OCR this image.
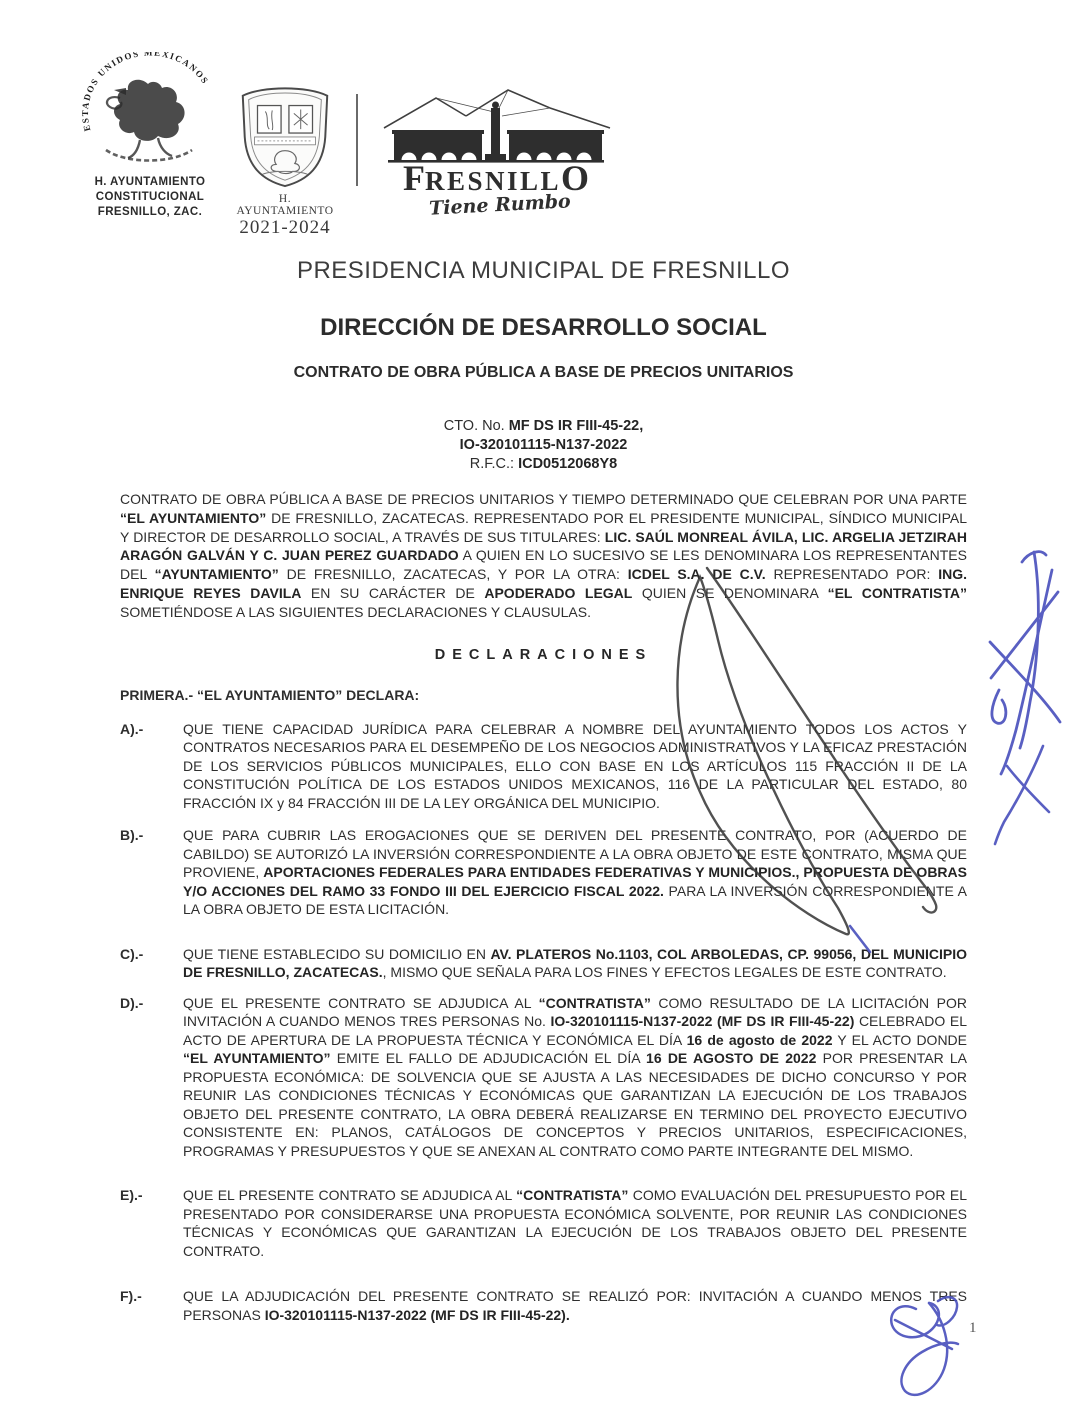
ESTADOS UNIDOS MEXICANOS
H. AYUNTAMIENTO
CONSTITUCIONAL
FRESNILLO, ZAC.
H. AYUNTAMIENTO
2021-2024
FRESNILLO
Tiene Rumbo
PRESIDENCIA MUNICIPAL DE FRESNILLO
DIRECCIÓN DE DESARROLLO SOCIAL
CONTRATO DE OBRA PÚBLICA A BASE DE PRECIOS UNITARIOS
CTO. No. MF DS IR FIII-45-22,
IO-320101115-N137-2022
R.F.C.: ICD0512068Y8

CONTRATO DE OBRA PÚBLICA A BASE DE PRECIOS UNITARIOS Y TIEMPO DETERMINADO QUE CELEBRAN POR UNA PARTE “EL AYUNTAMIENTO” DE FRESNILLO, ZACATECAS. REPRESENTADO POR EL PRESIDENTE MUNICIPAL, SÍNDICO MUNICIPAL Y DIRECTOR DE DESARROLLO SOCIAL, A TRAVÉS DE SUS TITULARES: LIC. SAÚL MONREAL ÁVILA, LIC. ARGELIA JETZIRAH ARAGÓN GALVÁN Y C. JUAN PEREZ GUARDADO A QUIEN EN LO SUCESIVO SE LES DENOMINARA LOS REPRESENTANTES DEL “AYUNTAMIENTO” DE FRESNILLO, ZACATECAS, Y POR LA OTRA: ICDEL S.A. DE C.V. REPRESENTADO POR: ING. ENRIQUE REYES DAVILA EN SU CARÁCTER DE APODERADO LEGAL QUIEN SE DENOMINARA “EL CONTRATISTA” SOMETIÉNDOSE A LAS SIGUIENTES DECLARACIONES Y CLAUSULAS.

DECLARACIONES
PRIMERA.- “EL AYUNTAMIENTO” DECLARA:
A).-	QUE TIENE CAPACIDAD JURÍDICA PARA CELEBRAR A NOMBRE DEL AYUNTAMIENTO TODOS LOS ACTOS Y CONTRATOS NECESARIOS PARA EL DESEMPEÑO DE LOS NEGOCIOS ADMINISTRATIVOS Y LA EFICAZ PRESTACIÓN DE LOS SERVICIOS PÚBLICOS MUNICIPALES, ELLO CON BASE EN LOS ARTÍCULOS 115 FRACCIÓN II DE LA CONSTITUCIÓN POLÍTICA DE LOS ESTADOS UNIDOS MEXICANOS, 116 DE LA PARTICULAR DEL ESTADO, 80 FRACCIÓN IX y 84 FRACCIÓN III DE LA LEY ORGÁNICA DEL MUNICIPIO.
B).-	QUE PARA CUBRIR LAS EROGACIONES QUE SE DERIVEN DEL PRESENTE CONTRATO, POR (ACUERDO DE CABILDO) SE AUTORIZÓ LA INVERSIÓN CORRESPONDIENTE A LA OBRA OBJETO DE ESTE CONTRATO, MISMA QUE PROVIENE, APORTACIONES FEDERALES PARA ENTIDADES FEDERATIVAS Y MUNICIPIOS., PROPUESTA DE OBRAS Y/O ACCIONES DEL RAMO 33 FONDO III DEL EJERCICIO FISCAL 2022. PARA LA INVERSIÓN CORRESPONDIENTE A LA OBRA OBJETO DE ESTA LICITACIÓN.
C).-	QUE TIENE ESTABLECIDO SU DOMICILIO EN AV. PLATEROS No.1103, COL ARBOLEDAS, CP. 99056, DEL MUNICIPIO DE FRESNILLO, ZACATECAS., MISMO QUE SEÑALA PARA LOS FINES Y EFECTOS LEGALES DE ESTE CONTRATO.
D).-	QUE EL PRESENTE CONTRATO SE ADJUDICA AL “CONTRATISTA” COMO RESULTADO DE LA LICITACIÓN POR INVITACIÓN A CUANDO MENOS TRES PERSONAS No. IO-320101115-N137-2022 (MF DS IR FIII-45-22) CELEBRADO EL ACTO DE APERTURA DE LA PROPUESTA TÉCNICA Y ECONÓMICA EL DÍA 16 de agosto de 2022 Y EL ACTO DONDE “EL AYUNTAMIENTO” EMITE EL FALLO DE ADJUDICACIÓN EL DÍA 16 DE AGOSTO DE 2022 POR PRESENTAR LA PROPUESTA ECONÓMICA: DE SOLVENCIA QUE SE AJUSTA A LAS NECESIDADES DE DICHO CONCURSO Y POR REUNIR LAS CONDICIONES TÉCNICAS Y ECONÓMICAS QUE GARANTIZAN LA EJECUCIÓN DE LOS TRABAJOS OBJETO DEL PRESENTE CONTRATO, LA OBRA DEBERÁ REALIZARSE EN TERMINO DEL PROYECTO EJECUTIVO CONSISTENTE EN: PLANOS, CATÁLOGOS DE CONCEPTOS Y PRECIOS UNITARIOS, ESPECIFICACIONES, PROGRAMAS Y PRESUPUESTOS Y QUE SE ANEXAN AL CONTRATO COMO PARTE INTEGRANTE DEL MISMO.
E).-	QUE EL PRESENTE CONTRATO SE ADJUDICA AL “CONTRATISTA” COMO EVALUACIÓN DEL PRESUPUESTO POR EL PRESENTADO POR CONSIDERARSE UNA PROPUESTA ECONÓMICA SOLVENTE, POR REUNIR LAS CONDICIONES TÉCNICAS Y ECONÓMICAS QUE GARANTIZAN LA EJECUCIÓN DE LOS TRABAJOS OBJETO DEL PRESENTE CONTRATO.
F).-	QUE LA ADJUDICACIÓN DEL PRESENTE CONTRATO SE REALIZÓ POR: INVITACIÓN A CUANDO MENOS TRES PERSONAS IO-320101115-N137-2022 (MF DS IR FIII-45-22).
1
